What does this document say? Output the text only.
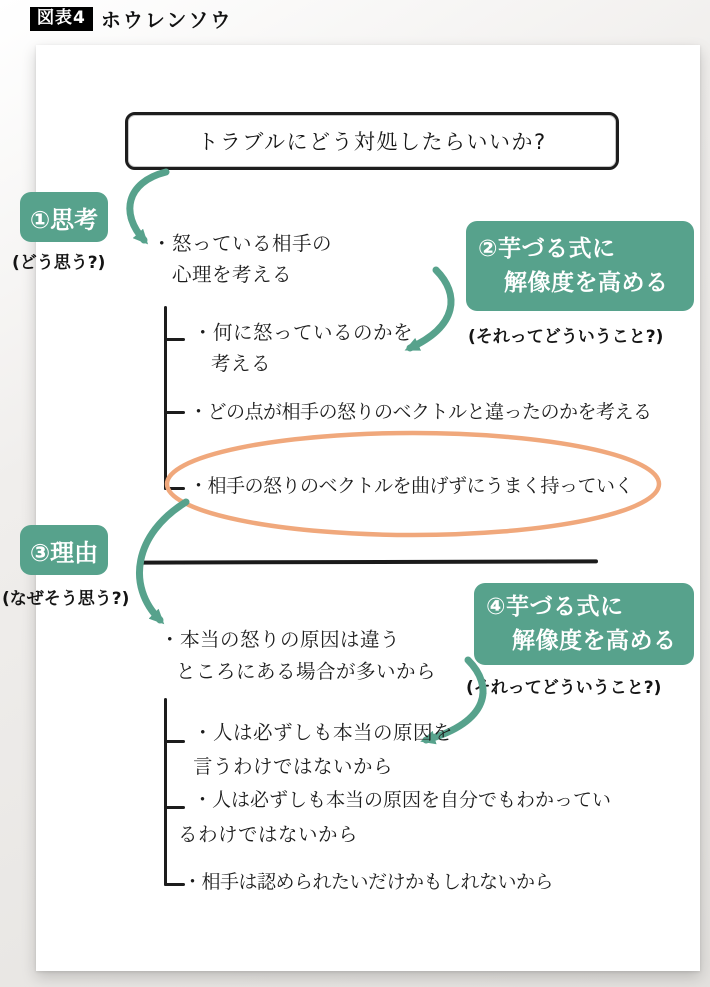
図表4 ホウレンソウ
トラブルにどう対処したらいいか?
①思考
(どう思う?)
・怒っている相手の
心理を考える
②芋づる式に
解像度を高める
(それってどういうこと?)
・何に怒っているのかを
考える
・どの点が相手の怒りのベクトルと違ったのかを考える
・相手の怒りのベクトルを曲げずにうまく持っていく
③理由
(なぜそう思う?)
・本当の怒りの原因は違う
ところにある場合が多いから
④芋づる式に
解像度を高める
(それってどういうこと?)
・人は必ずしも本当の原因を
言うわけではないから
・人は必ずしも本当の原因を自分でもわかってい
るわけではないから
・相手は認められたいだけかもしれないから
